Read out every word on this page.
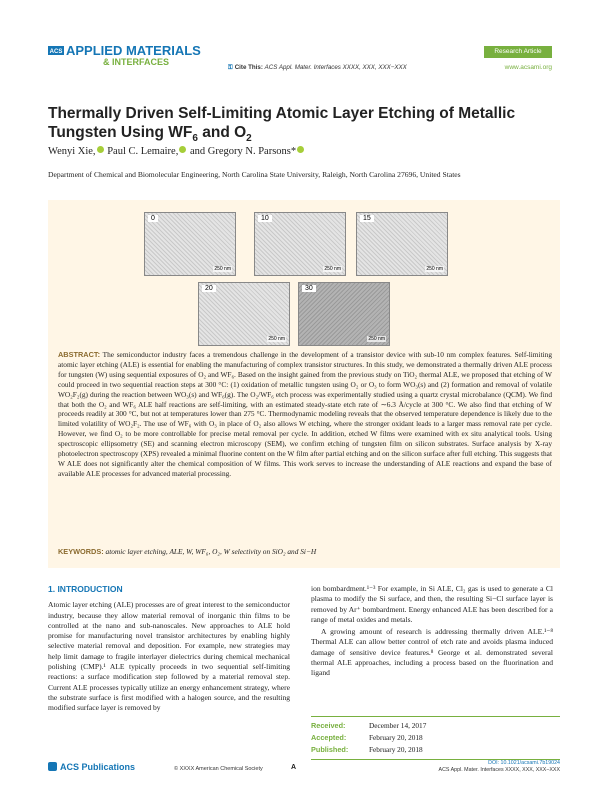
ACS APPLIED MATERIALS
& INTERFACES
⚿ Cite This: ACS Appl. Mater. Interfaces XXXX, XXX, XXX−XXX
Research Article
www.acsami.org
Thermally Driven Self-Limiting Atomic Layer Etching of Metallic Tungsten Using $WF_6$ and $O_2$
Wenyi Xie, Paul C. Lemaire, and Gregory N. Parsons*
Department of Chemical and Biomolecular Engineering, North Carolina State University, Raleigh, North Carolina 27696, United States
0
250 nm
10
250 nm
15
250 nm
20
250 nm
30
250 nm
ABSTRACT: The semiconductor industry faces a tremendous challenge in the development of a transistor device with sub-10 nm complex features. Self-limiting atomic layer etching (ALE) is essential for enabling the manufacturing of complex transistor structures. In this study, we demonstrated a thermally driven ALE process for tungsten (W) using sequential exposures of O₂ and WF₆. Based on the insight gained from the previous study on TiO₂ thermal ALE, we proposed that etching of W could proceed in two sequential reaction steps at 300 °C: (1) oxidation of metallic tungsten using O₂ or O₃ to form WO₃(s) and (2) formation and removal of volatile WO₂F₂(g) during the reaction between WO₃(s) and WF₆(g). The O₂/WF₆ etch process was experimentally studied using a quartz crystal microbalance (QCM). We find that both the O₂ and WF₆ ALE half reactions are self-limiting, with an estimated steady-state etch rate of ∼6.3 Å/cycle at 300 °C. We also find that etching of W proceeds readily at 300 °C, but not at temperatures lower than 275 °C. Thermodynamic modeling reveals that the observed temperature dependence is likely due to the limited volatility of WO₂F₂. The use of WF₆ with O₃ in place of O₂ also allows W etching, where the stronger oxidant leads to a larger mass removal rate per cycle. However, we find O₂ to be more controllable for precise metal removal per cycle. In addition, etched W films were examined with ex situ analytical tools. Using spectroscopic ellipsometry (SE) and scanning electron microscopy (SEM), we confirm etching of tungsten film on silicon substrates. Surface analysis by X-ray photoelectron spectroscopy (XPS) revealed a minimal fluorine content on the W film after partial etching and on the silicon surface after full etching. This suggests that W ALE does not significantly alter the chemical composition of W films. This work serves to increase the understanding of ALE reactions and expand the base of available ALE processes for advanced material processing.
KEYWORDS: atomic layer etching, ALE, W, WF₆, O₂, W selectivity on SiO₂ and Si−H
1. INTRODUCTION

Atomic layer etching (ALE) processes are of great interest to the semiconductor industry, because they allow material removal of inorganic thin films to be controlled at the nano and sub-nanoscales. New approaches to ALE hold promise for manufacturing novel transistor architectures by enabling highly selective material removal and deposition. For example, new strategies may help limit damage to fragile interlayer dielectrics during chemical mechanical polishing (CMP).¹ ALE typically proceeds in two sequential self-limiting reactions: a surface modification step followed by a material removal step. Current ALE processes typically utilize an energy enhancement strategy, where the substrate surface is first modified with a halogen source, and the resulting modified surface layer is removed by

ion bombardment.¹⁻³ For example, in Si ALE, Cl₂ gas is used to generate a Cl plasma to modify the Si surface, and then, the resulting Si−Cl surface layer is removed by Ar⁺ bombardment. Energy enhanced ALE has been described for a range of metal oxides and metals.

A growing amount of research is addressing thermally driven ALE.¹⁻⁸ Thermal ALE can allow better control of etch rate and avoids plasma induced damage of sensitive device features.⁸ George et al. demonstrated several thermal ALE approaches, including a process based on the fluorination and ligand

Received:	December 14, 2017
Accepted:	February 20, 2018
Published:	February 20, 2018
ACS Publications	© XXXX American Chemical Society	A
DOI: 10.1021/acsami.7b19024
ACS Appl. Mater. Interfaces XXXX, XXX, XXX−XXX
